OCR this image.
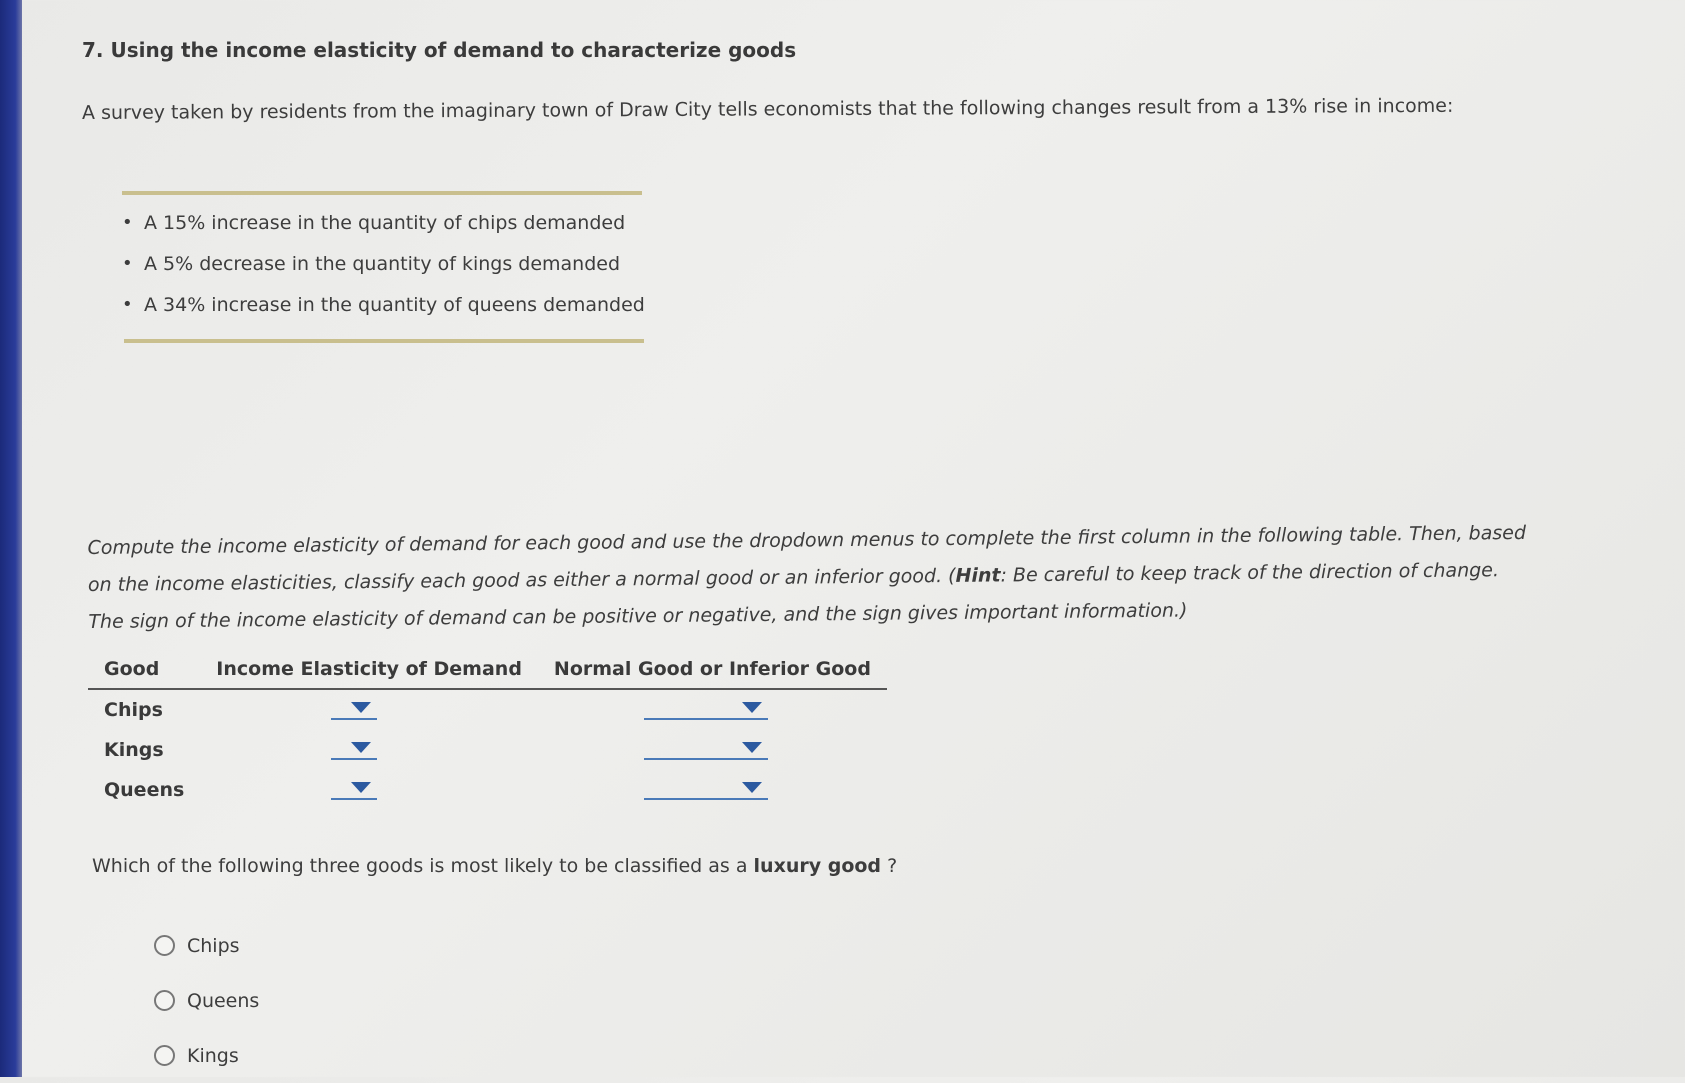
7. Using the income elasticity of demand to characterize goods
A survey taken by residents from the imaginary town of Draw City tells economists that the following changes result from a 13% rise in income:
• A 15% increase in the quantity of chips demanded
• A 5% decrease in the quantity of kings demanded
• A 34% increase in the quantity of queens demanded

Compute the income elasticity of demand for each good and use the dropdown menus to complete the first column in the following table. Then, based

on the income elasticities, classify each good as either a normal good or an inferior good. (Hint: Be careful to keep track of the direction of change.

The sign of the income elasticity of demand can be positive or negative, and the sign gives important information.)

Good	Income Elasticity of Demand	Normal Good or Inferior Good
Chips	

Kings	

Queens	

Which of the following three goods is most likely to be classified as a luxury good ?
Chips
Queens
Kings
